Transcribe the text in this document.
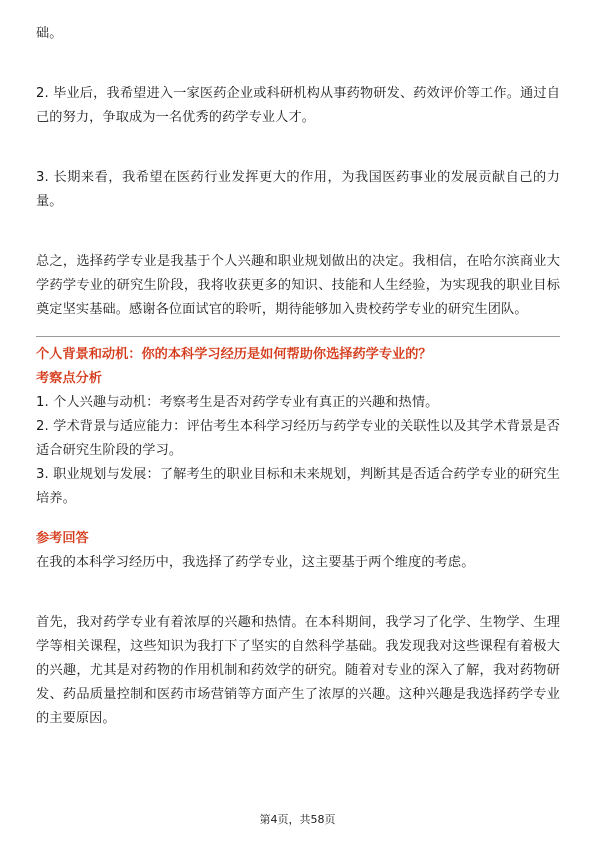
础。

2. 毕业后，我希望进入一家医药企业或科研机构从事药物研发、药效评价等工作。通过自己的努力，争取成为一名优秀的药学专业人才。

3. 长期来看，我希望在医药行业发挥更大的作用，为我国医药事业的发展贡献自己的力量。

总之，选择药学专业是我基于个人兴趣和职业规划做出的决定。我相信，在哈尔滨商业大学药学专业的研究生阶段，我将收获更多的知识、技能和人生经验，为实现我的职业目标奠定坚实基础。感谢各位面试官的聆听，期待能够加入贵校药学专业的研究生团队。

个人背景和动机：你的本科学习经历是如何帮助你选择药学专业的？

考察点分析

1. 个人兴趣与动机：考察考生是否对药学专业有真正的兴趣和热情。

2. 学术背景与适应能力：评估考生本科学习经历与药学专业的关联性以及其学术背景是否适合研究生阶段的学习。

3. 职业规划与发展：了解考生的职业目标和未来规划，判断其是否适合药学专业的研究生培养。

参考回答

在我的本科学习经历中，我选择了药学专业，这主要基于两个维度的考虑。

首先，我对药学专业有着浓厚的兴趣和热情。在本科期间，我学习了化学、生物学、生理学等相关课程，这些知识为我打下了坚实的自然科学基础。我发现我对这些课程有着极大的兴趣，尤其是对药物的作用机制和药效学的研究。随着对专业的深入了解，我对药物研发、药品质量控制和医药市场营销等方面产生了浓厚的兴趣。这种兴趣是我选择药学专业的主要原因。

第4页，共58页
